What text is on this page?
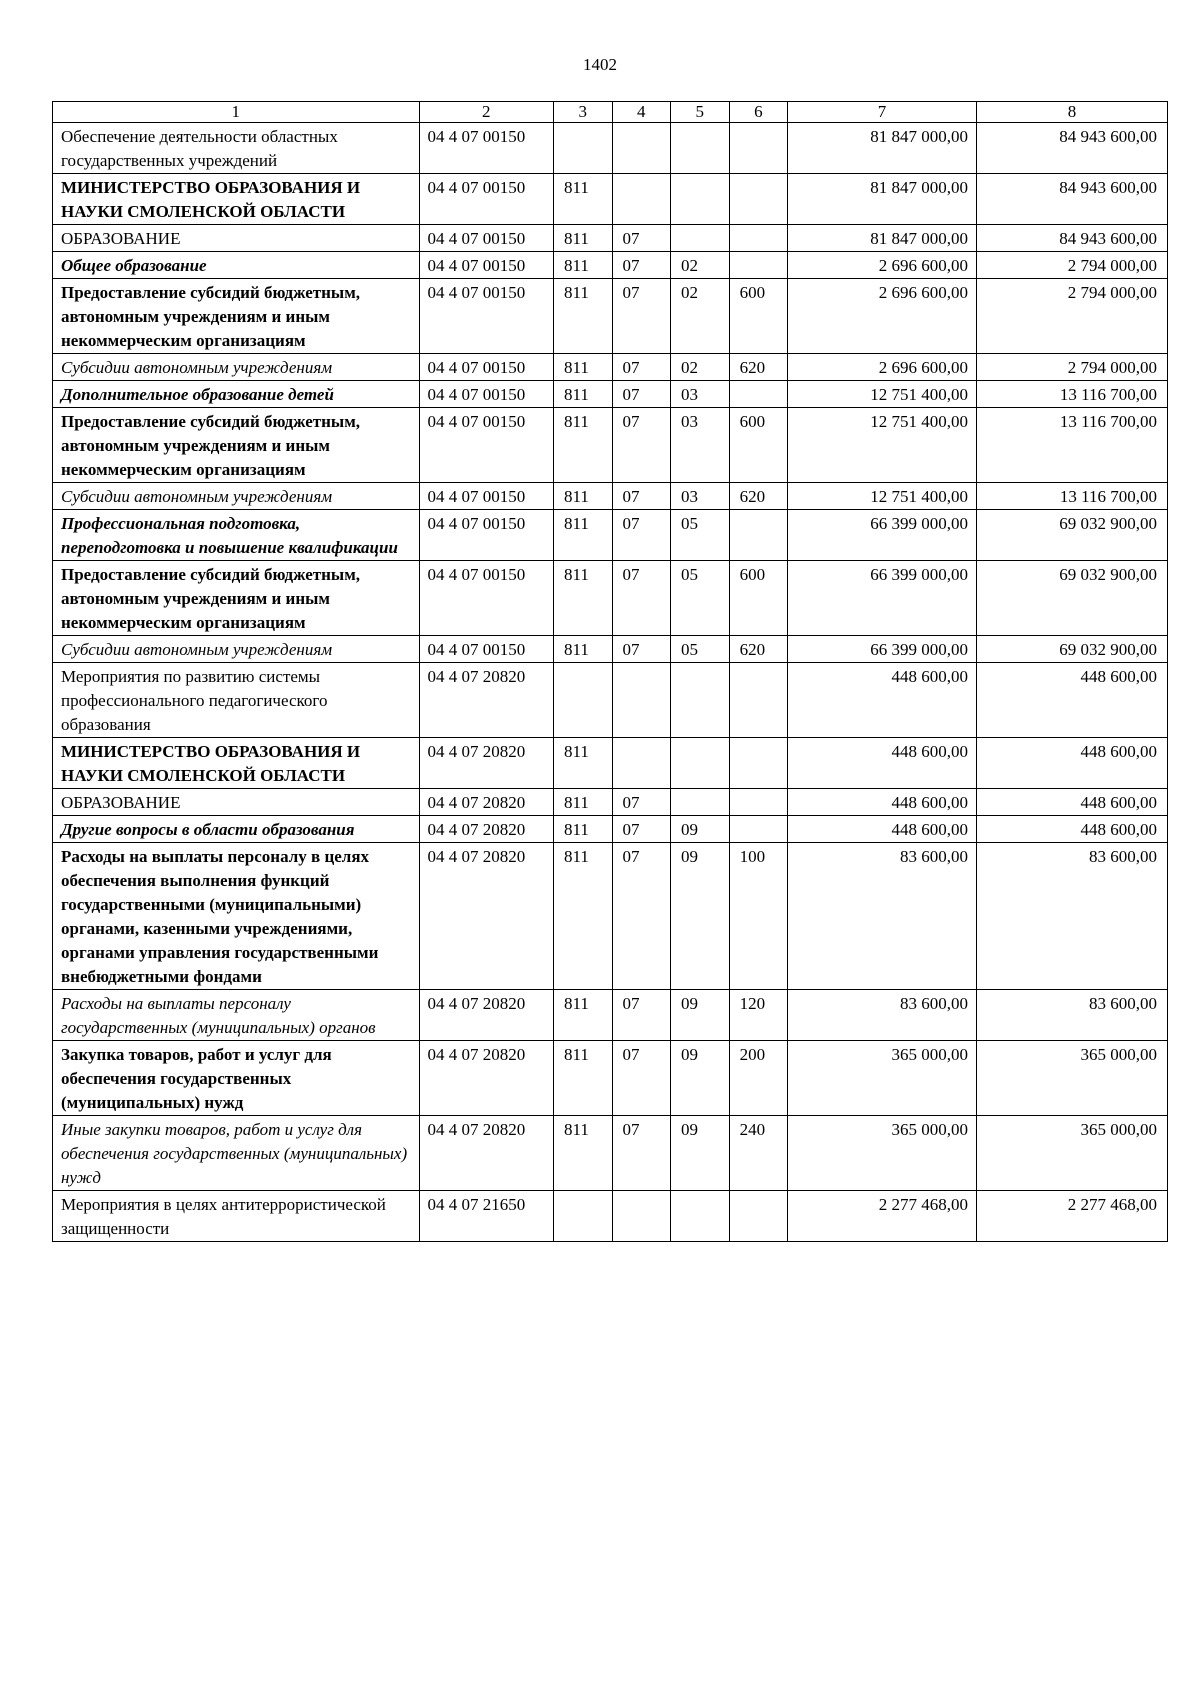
1402
1	2	3	4	5	6	7	8
Обеспечение деятельности областных государственных учреждений	04 4 07 00150					81 847 000,00	84 943 600,00
МИНИСТЕРСТВО ОБРАЗОВАНИЯ И НАУКИ СМОЛЕНСКОЙ ОБЛАСТИ	04 4 07 00150	811				81 847 000,00	84 943 600,00
ОБРАЗОВАНИЕ	04 4 07 00150	811	07			81 847 000,00	84 943 600,00
Общее образование	04 4 07 00150	811	07	02		2 696 600,00	2 794 000,00
Предоставление субсидий бюджетным, автономным учреждениям и иным некоммерческим организациям	04 4 07 00150	811	07	02	600	2 696 600,00	2 794 000,00
Субсидии автономным учреждениям	04 4 07 00150	811	07	02	620	2 696 600,00	2 794 000,00
Дополнительное образование детей	04 4 07 00150	811	07	03		12 751 400,00	13 116 700,00
Предоставление субсидий бюджетным, автономным учреждениям и иным некоммерческим организациям	04 4 07 00150	811	07	03	600	12 751 400,00	13 116 700,00
Субсидии автономным учреждениям	04 4 07 00150	811	07	03	620	12 751 400,00	13 116 700,00
Профессиональная подготовка, переподготовка и повышение квалификации	04 4 07 00150	811	07	05		66 399 000,00	69 032 900,00
Предоставление субсидий бюджетным, автономным учреждениям и иным некоммерческим организациям	04 4 07 00150	811	07	05	600	66 399 000,00	69 032 900,00
Субсидии автономным учреждениям	04 4 07 00150	811	07	05	620	66 399 000,00	69 032 900,00
Мероприятия по развитию системы профессионального педагогического образования	04 4 07 20820					448 600,00	448 600,00
МИНИСТЕРСТВО ОБРАЗОВАНИЯ И НАУКИ СМОЛЕНСКОЙ ОБЛАСТИ	04 4 07 20820	811				448 600,00	448 600,00
ОБРАЗОВАНИЕ	04 4 07 20820	811	07			448 600,00	448 600,00
Другие вопросы в области образования	04 4 07 20820	811	07	09		448 600,00	448 600,00
Расходы на выплаты персоналу в целях обеспечения выполнения функций государственными (муниципальными) органами, казенными учреждениями, органами управления государственными внебюджетными фондами	04 4 07 20820	811	07	09	100	83 600,00	83 600,00
Расходы на выплаты персоналу государственных (муниципальных) органов	04 4 07 20820	811	07	09	120	83 600,00	83 600,00
Закупка товаров, работ и услуг для обеспечения государственных (муниципальных) нужд	04 4 07 20820	811	07	09	200	365 000,00	365 000,00
Иные закупки товаров, работ и услуг для обеспечения государственных (муниципальных) нужд	04 4 07 20820	811	07	09	240	365 000,00	365 000,00
Мероприятия в целях антитеррористической защищенности	04 4 07 21650					2 277 468,00	2 277 468,00
